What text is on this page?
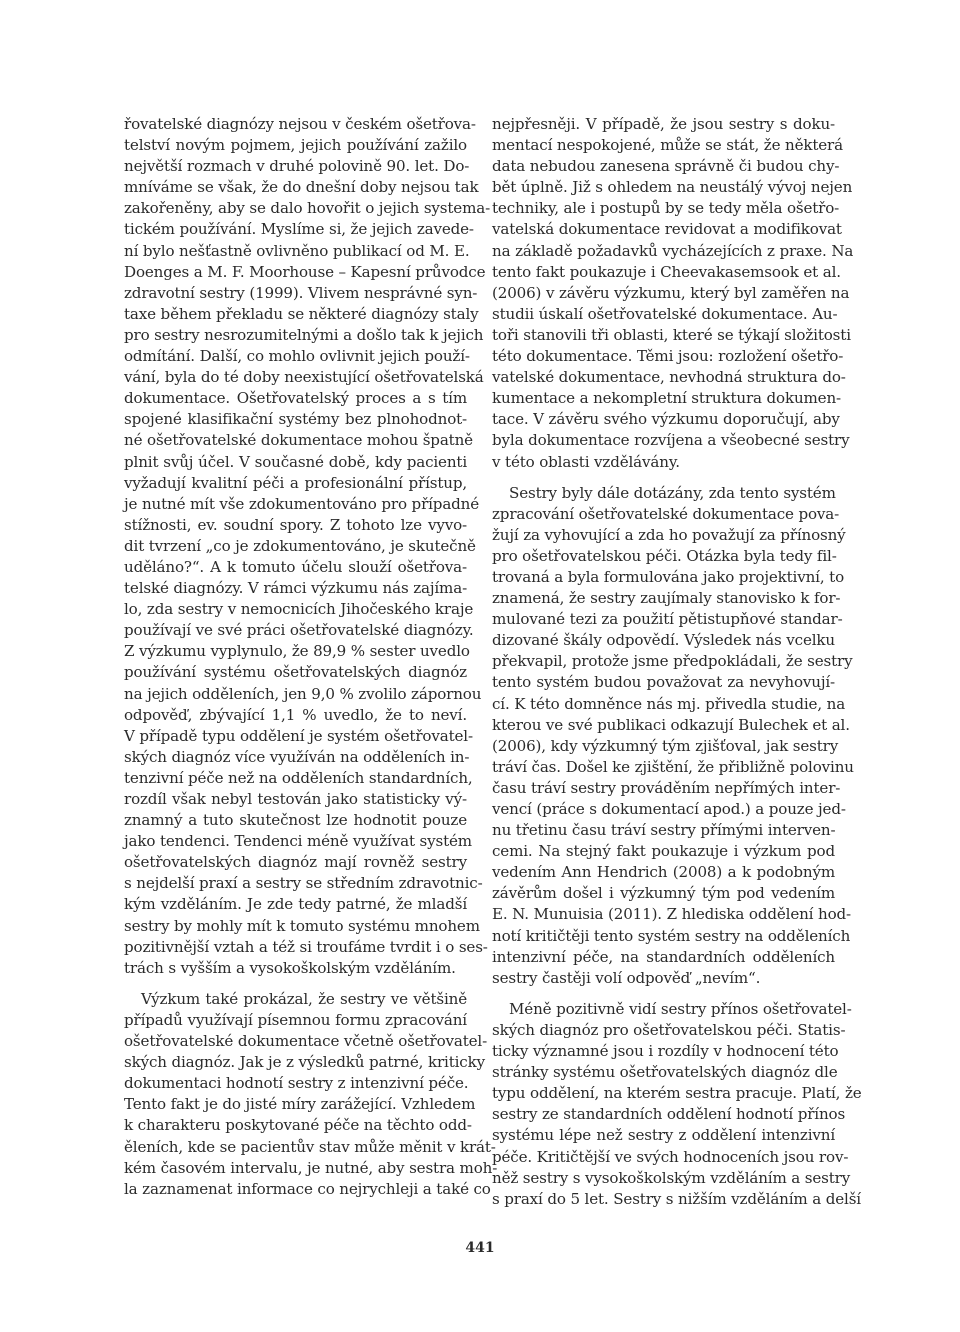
řovatelské diagnózy nejsou v českém ošetřova-
telství novým pojmem, jejich používání zažilo
největší rozmach v druhé polovině 90. let. Do-
mníváme se však, že do dnešní doby nejsou tak
zakořeněny, aby se dalo hovořit o jejich systema-
tickém používání. Myslíme si, že jejich zavede-
ní bylo nešťastně ovlivněno publikací od M. E.
Doenges a M. F. Moorhouse – Kapesní průvodce
zdravotní sestry (1999). Vlivem nesprávné syn-
taxe během překladu se některé diagnózy staly
pro sestry nesrozumitelnými a došlo tak k jejich
odmítání. Další, co mohlo ovlivnit jejich použí-
vání, byla do té doby neexistující ošetřovatelská
dokumentace. Ošetřovatelský proces a s tím
spojené klasifikační systémy bez plnohodnot-
né ošetřovatelské dokumentace mohou špatně
plnit svůj účel. V současné době, kdy pacienti
vyžadují kvalitní péči a profesionální přístup,
je nutné mít vše zdokumentováno pro případné
stížnosti, ev. soudní spory. Z tohoto lze vyvo-
dit tvrzení „co je zdokumentováno, je skutečně
uděláno?“. A k tomuto účelu slouží ošetřova-
telské diagnózy. V rámci výzkumu nás zajíma-
lo, zda sestry v nemocnicích Jihočeského kraje
používají ve své práci ošetřovatelské diagnózy.
Z výzkumu vyplynulo, že 89,9 % sester uvedlo
používání systému ošetřovatelských diagnóz
na jejich odděleních, jen 9,0 % zvolilo zápornou
odpověď, zbývající 1,1 % uvedlo, že to neví.
V případě typu oddělení je systém ošetřovatel-
ských diagnóz více využíván na odděleních in-
tenzivní péče než na odděleních standardních,
rozdíl však nebyl testován jako statisticky vý-
znamný a tuto skutečnost lze hodnotit pouze
jako tendenci. Tendenci méně využívat systém
ošetřovatelských diagnóz mají rovněž sestry
s nejdelší praxí a sestry se středním zdravotnic-
kým vzděláním. Je zde tedy patrné, že mladší
sestry by mohly mít k tomuto systému mnohem
pozitivnější vztah a též si troufáme tvrdit i o ses-
trách s vyšším a vysokoškolským vzděláním.
Výzkum také prokázal, že sestry ve většině
případů využívají písemnou formu zpracování
ošetřovatelské dokumentace včetně ošetřovatel-
ských diagnóz. Jak je z výsledků patrné, kriticky
dokumentaci hodnotí sestry z intenzivní péče.
Tento fakt je do jisté míry zarážející. Vzhledem
k charakteru poskytované péče na těchto odd-
ěleních, kde se pacientův stav může měnit v krát-
kém časovém intervalu, je nutné, aby sestra moh-
la zaznamenat informace co nejrychleji a také co
nejpřesněji. V případě, že jsou sestry s doku-
mentací nespokojené, může se stát, že některá
data nebudou zanesena správně či budou chy-
bět úplně. Již s ohledem na neustálý vývoj nejen
techniky, ale i postupů by se tedy měla ošetřo-
vatelská dokumentace revidovat a modifikovat
na základě požadavků vycházejících z praxe. Na
tento fakt poukazuje i Cheevakasemsook et al.
(2006) v závěru výzkumu, který byl zaměřen na
studii úskalí ošetřovatelské dokumentace. Au-
toři stanovili tři oblasti, které se týkají složitosti
této dokumentace. Těmi jsou: rozložení ošetřo-
vatelské dokumentace, nevhodná struktura do-
kumentace a nekompletní struktura dokumen-
tace. V závěru svého výzkumu doporučují, aby
byla dokumentace rozvíjena a všeobecné sestry
v této oblasti vzdělávány.
Sestry byly dále dotázány, zda tento systém
zpracování ošetřovatelské dokumentace pova-
žují za vyhovující a zda ho považují za přínosný
pro ošetřovatelskou péči. Otázka byla tedy fil-
trovaná a byla formulována jako projektivní, to
znamená, že sestry zaujímaly stanovisko k for-
mulované tezi za použití pětistupňové standar-
dizované škály odpovědí. Výsledek nás vcelku
překvapil, protože jsme předpokládali, že sestry
tento systém budou považovat za nevyhovují-
cí. K této domněnce nás mj. přivedla studie, na
kterou ve své publikaci odkazují Bulechek et al.
(2006), kdy výzkumný tým zjišťoval, jak sestry
tráví čas. Došel ke zjištění, že přibližně polovinu
času tráví sestry prováděním nepřímých inter-
vencí (práce s dokumentací apod.) a pouze jed-
nu třetinu času tráví sestry přímými interven-
cemi. Na stejný fakt poukazuje i výzkum pod
vedením Ann Hendrich (2008) a k podobným
závěrům došel i výzkumný tým pod vedením
E. N. Munuisia (2011). Z hlediska oddělení hod-
notí kritičtěji tento systém sestry na odděleních
intenzivní péče, na standardních odděleních
sestry častěji volí odpověď „nevím“.
Méně pozitivně vidí sestry přínos ošetřovatel-
ských diagnóz pro ošetřovatelskou péči. Statis-
ticky významné jsou i rozdíly v hodnocení této
stránky systému ošetřovatelských diagnóz dle
typu oddělení, na kterém sestra pracuje. Platí, že
sestry ze standardních oddělení hodnotí přínos
systému lépe než sestry z oddělení intenzivní
péče. Kritičtější ve svých hodnoceních jsou rov-
něž sestry s vysokoškolským vzděláním a sestry
s praxí do 5 let. Sestry s nižším vzděláním a delší
441
